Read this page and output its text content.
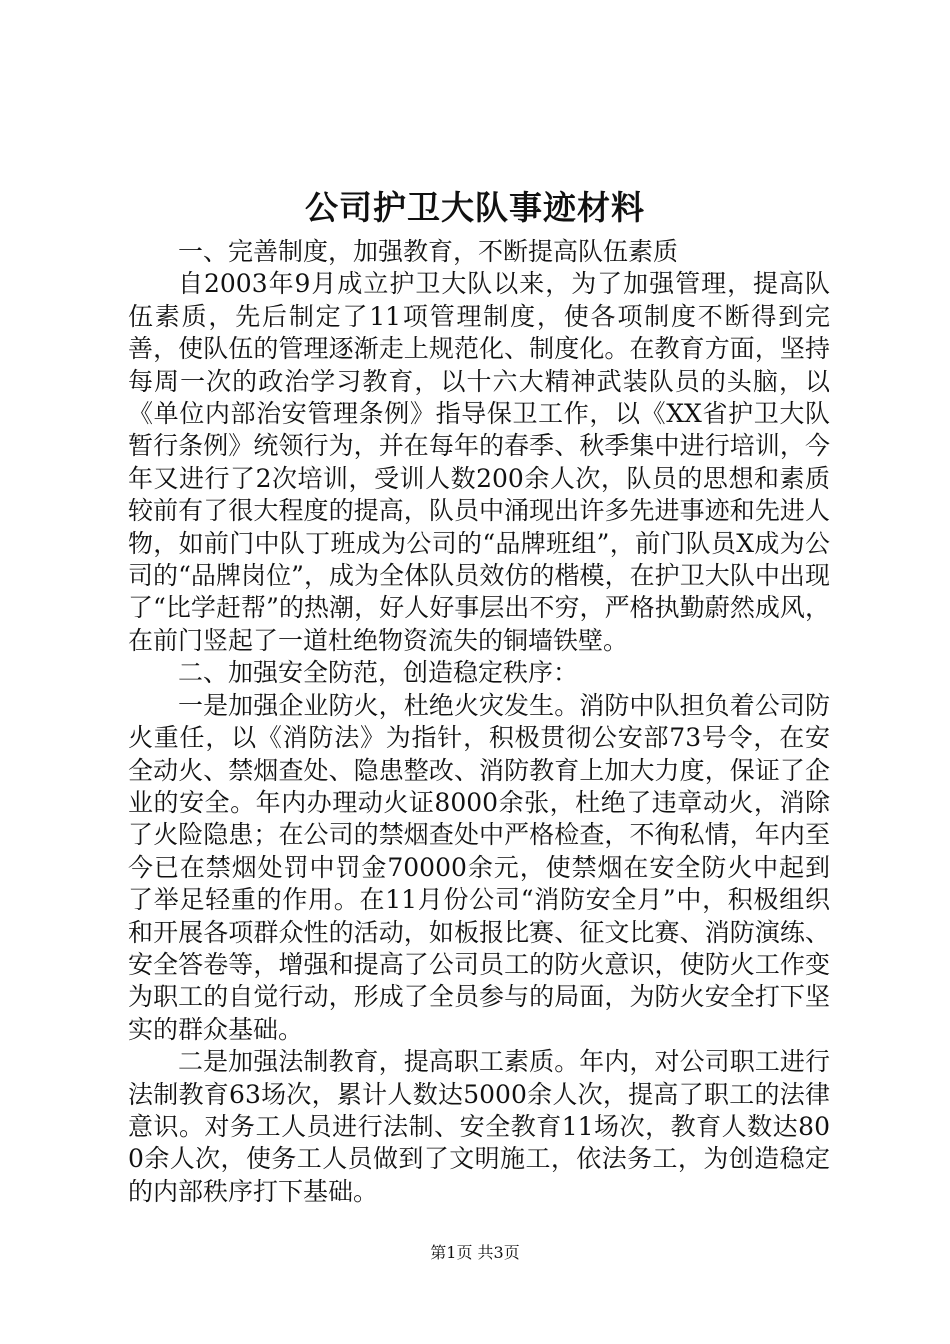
公司护卫大队事迹材料

一、完善制度，加强教育，不断提高队伍素质

自2003年9月成立护卫大队以来，为了加强管理，提高队伍素质，先后制定了11项管理制度，使各项制度不断得到完善，使队伍的管理逐渐走上规范化、制度化。在教育方面，坚持每周一次的政治学习教育，以十六大精神武装队员的头脑，以《单位内部治安管理条例》指导保卫工作，以《XX省护卫大队暂行条例》统领行为，并在每年的春季、秋季集中进行培训，今年又进行了2次培训，受训人数200余人次，队员的思想和素质较前有了很大程度的提高，队员中涌现出许多先进事迹和先进人物，如前门中队丁班成为公司的“品牌班组”，前门队员X成为公司的“品牌岗位”，成为全体队员效仿的楷模，在护卫大队中出现了“比学赶帮”的热潮，好人好事层出不穷，严格执勤蔚然成风，在前门竖起了一道杜绝物资流失的铜墙铁壁。

二、加强安全防范，创造稳定秩序：

一是加强企业防火，杜绝火灾发生。消防中队担负着公司防火重任，以《消防法》为指针，积极贯彻公安部73号令，在安全动火、禁烟查处、隐患整改、消防教育上加大力度，保证了企业的安全。年内办理动火证8000余张，杜绝了违章动火，消除了火险隐患；在公司的禁烟查处中严格检查，不徇私情，年内至今已在禁烟处罚中罚金70000余元，使禁烟在安全防火中起到了举足轻重的作用。在11月份公司“消防安全月”中，积极组织和开展各项群众性的活动，如板报比赛、征文比赛、消防演练、安全答卷等，增强和提高了公司员工的防火意识，使防火工作变为职工的自觉行动，形成了全员参与的局面，为防火安全打下坚实的群众基础。

二是加强法制教育，提高职工素质。年内，对公司职工进行法制教育63场次，累计人数达5000余人次，提高了职工的法律意识。对务工人员进行法制、安全教育11场次，教育人数达800余人次，使务工人员做到了文明施工，依法务工，为创造稳定的内部秩序打下基础。

第1页 共3页
